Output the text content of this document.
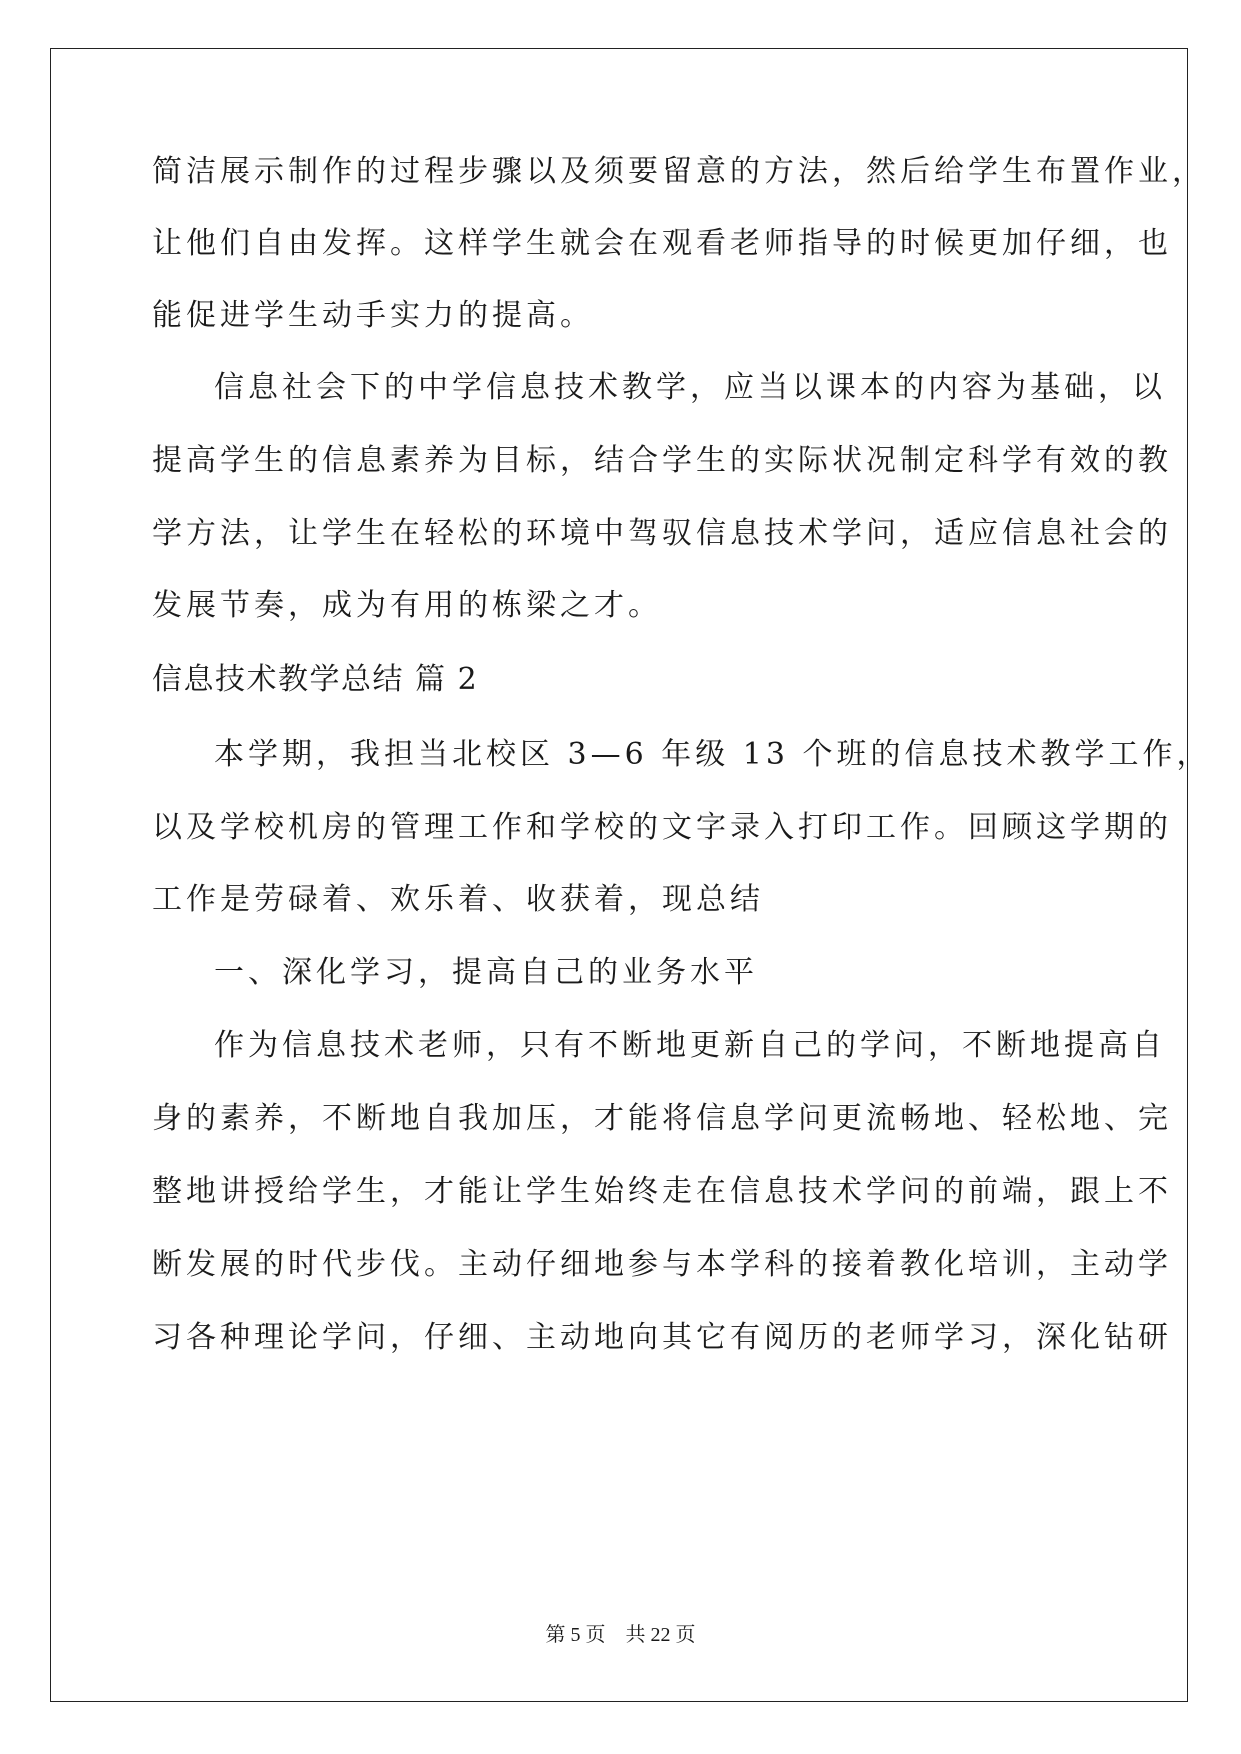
简洁展示制作的过程步骤以及须要留意的方法，然后给学生布置作业，
让他们自由发挥。这样学生就会在观看老师指导的时候更加仔细，也
能促进学生动手实力的提高。
信息社会下的中学信息技术教学，应当以课本的内容为基础，以
提高学生的信息素养为目标，结合学生的实际状况制定科学有效的教
学方法，让学生在轻松的环境中驾驭信息技术学问，适应信息社会的
发展节奏，成为有用的栋梁之才。
信息技术教学总结 篇 2
本学期，我担当北校区 3—6 年级 13 个班的信息技术教学工作，
以及学校机房的管理工作和学校的文字录入打印工作。回顾这学期的
工作是劳碌着、欢乐着、收获着，现总结
一、深化学习，提高自己的业务水平
作为信息技术老师，只有不断地更新自己的学问，不断地提高自
身的素养，不断地自我加压，才能将信息学问更流畅地、轻松地、完
整地讲授给学生，才能让学生始终走在信息技术学问的前端，跟上不
断发展的时代步伐。主动仔细地参与本学科的接着教化培训，主动学
习各种理论学问，仔细、主动地向其它有阅历的老师学习，深化钻研
第 5 页　共 22 页
